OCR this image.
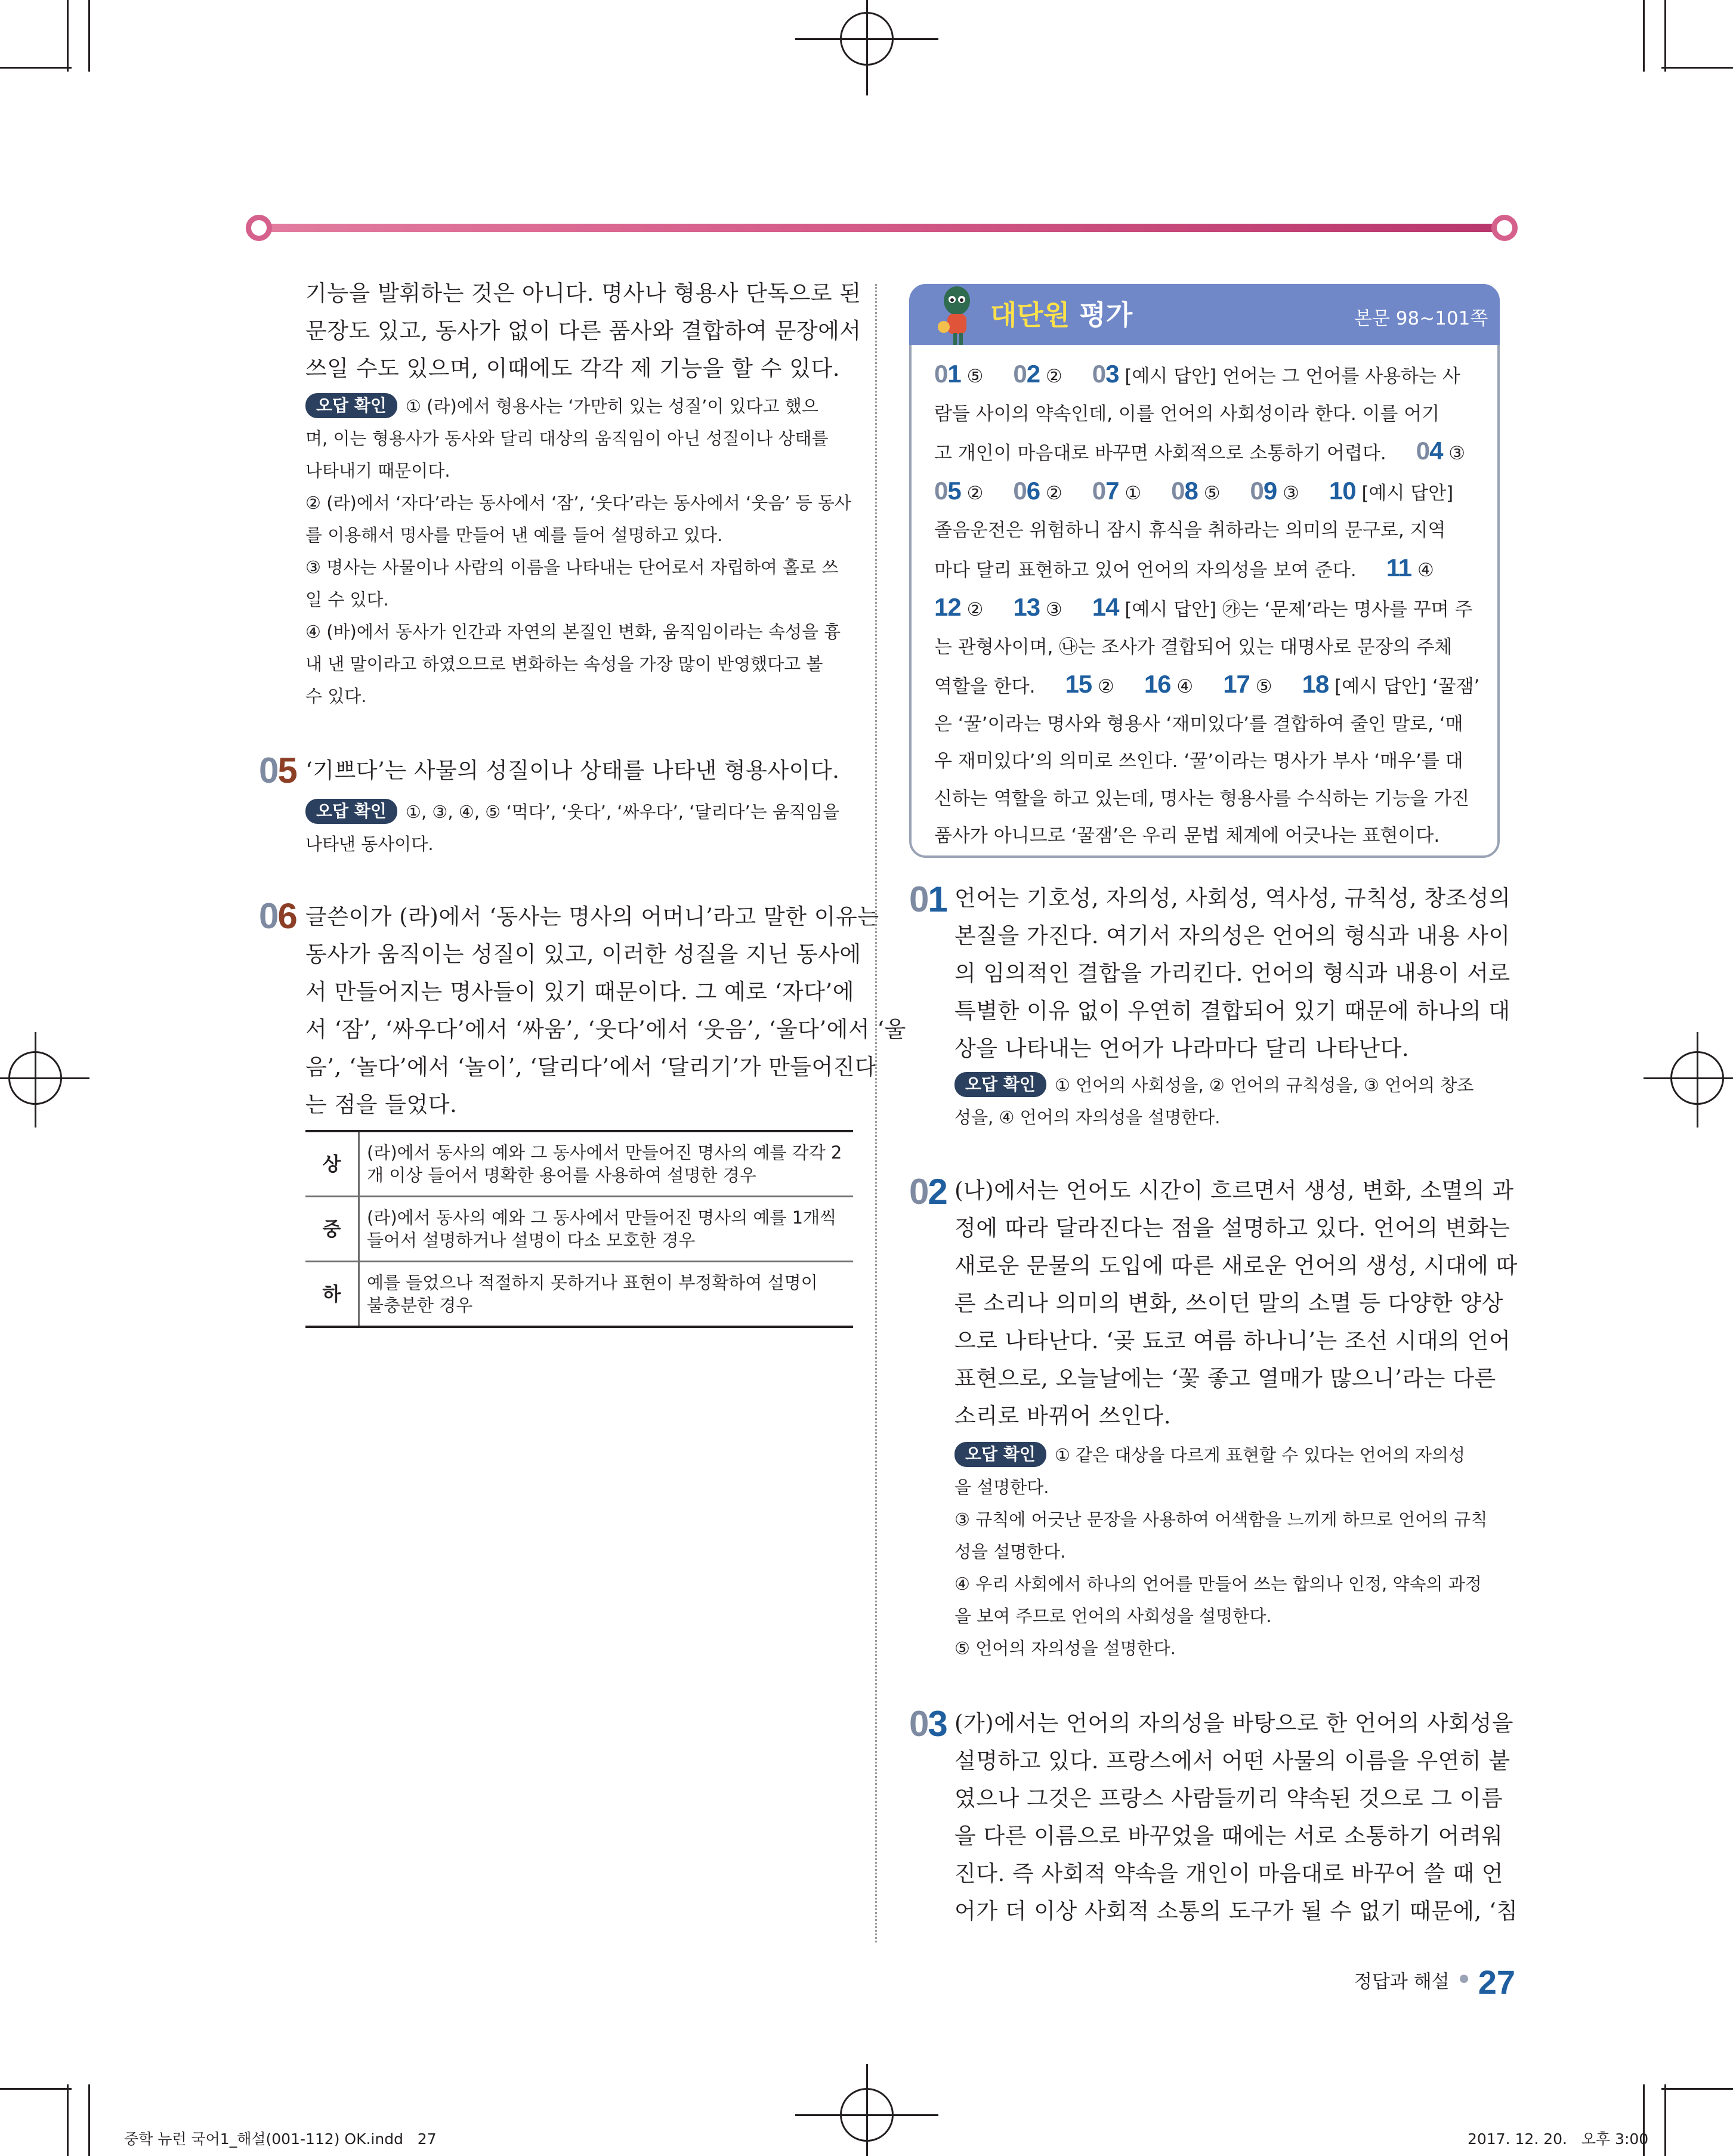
기능을 발휘하는 것은 아니다. 명사나 형용사 단독으로 된
문장도 있고, 동사가 없이 다른 품사와 결합하여 문장에서
쓰일 수도 있으며, 이때에도 각각 제 기능을 할 수 있다.
오답 확인 ① (라)에서 형용사는 ‘가만히 있는 성질’이 있다고 했으
며, 이는 형용사가 동사와 달리 대상의 움직임이 아닌 성질이나 상태를
나타내기 때문이다.
② (라)에서 ‘자다’라는 동사에서 ‘잠’, ‘웃다’라는 동사에서 ‘웃음’ 등 동사
를 이용해서 명사를 만들어 낸 예를 들어 설명하고 있다.
③ 명사는 사물이나 사람의 이름을 나타내는 단어로서 자립하여 홀로 쓰
일 수 있다.
④ (바)에서 동사가 인간과 자연의 본질인 변화, 움직임이라는 속성을 흉
내 낸 말이라고 하였으므로 변화하는 속성을 가장 많이 반영했다고 볼
수 있다.
05 ‘기쁘다’는 사물의 성질이나 상태를 나타낸 형용사이다.
오답 확인 ①, ③, ④, ⑤ ‘먹다’, ‘웃다’, ‘싸우다’, ‘달리다’는 움직임을
나타낸 동사이다.
06 글쓴이가 (라)에서 ‘동사는 명사의 어머니’라고 말한 이유는
동사가 움직이는 성질이 있고, 이러한 성질을 지닌 동사에
서 만들어지는 명사들이 있기 때문이다. 그 예로 ‘자다’에
서 ‘잠’, ‘싸우다’에서 ‘싸움’, ‘웃다’에서 ‘웃음’, ‘울다’에서 ‘울
음’, ‘놀다’에서 ‘놀이’, ‘달리다’에서 ‘달리기’가 만들어진다
는 점을 들었다.
상	(라)에서 동사의 예와 그 동사에서 만들어진 명사의 예를 각각 2
개 이상 들어서 명확한 용어를 사용하여 설명한 경우

중	(라)에서 동사의 예와 그 동사에서 만들어진 명사의 예를 1개씩
들어서 설명하거나 설명이 다소 모호한 경우

하	예를 들었으나 적절하지 못하거나 표현이 부정확하여 설명이
불충분한 경우
대단원 평가	본문 98~101쪽
01 ⑤ 02 ② 03 [예시 답안] 언어는 그 언어를 사용하는 사
람들 사이의 약속인데, 이를 언어의 사회성이라 한다. 이를 어기
고 개인이 마음대로 바꾸면 사회적으로 소통하기 어렵다. 04 ③
05 ② 06 ② 07 ① 08 ⑤ 09 ③ 10 [예시 답안]
졸음운전은 위험하니 잠시 휴식을 취하라는 의미의 문구로, 지역
마다 달리 표현하고 있어 언어의 자의성을 보여 준다. 11 ④
12 ② 13 ③ 14 [예시 답안] ㉮는 ‘문제’라는 명사를 꾸며 주
는 관형사이며, ㉯는 조사가 결합되어 있는 대명사로 문장의 주체
역할을 한다. 15 ② 16 ④ 17 ⑤ 18 [예시 답안] ‘꿀잼’
은 ‘꿀’이라는 명사와 형용사 ‘재미있다’를 결합하여 줄인 말로, ‘매
우 재미있다’의 의미로 쓰인다. ‘꿀’이라는 명사가 부사 ‘매우’를 대
신하는 역할을 하고 있는데, 명사는 형용사를 수식하는 기능을 가진
품사가 아니므로 ‘꿀잼’은 우리 문법 체계에 어긋나는 표현이다.
01 언어는 기호성, 자의성, 사회성, 역사성, 규칙성, 창조성의
본질을 가진다. 여기서 자의성은 언어의 형식과 내용 사이
의 임의적인 결합을 가리킨다. 언어의 형식과 내용이 서로
특별한 이유 없이 우연히 결합되어 있기 때문에 하나의 대
상을 나타내는 언어가 나라마다 달리 나타난다.
오답 확인 ① 언어의 사회성을, ② 언어의 규칙성을, ③ 언어의 창조
성을, ④ 언어의 자의성을 설명한다.
02 (나)에서는 언어도 시간이 흐르면서 생성, 변화, 소멸의 과
정에 따라 달라진다는 점을 설명하고 있다. 언어의 변화는
새로운 문물의 도입에 따른 새로운 언어의 생성, 시대에 따
른 소리나 의미의 변화, 쓰이던 말의 소멸 등 다양한 양상
으로 나타난다. ‘곶 됴코 여름 하나니’는 조선 시대의 언어
표현으로, 오늘날에는 ‘꽃 좋고 열매가 많으니’라는 다른
소리로 바뀌어 쓰인다.
오답 확인 ① 같은 대상을 다르게 표현할 수 있다는 언어의 자의성
을 설명한다.
③ 규칙에 어긋난 문장을 사용하여 어색함을 느끼게 하므로 언어의 규칙
성을 설명한다.
④ 우리 사회에서 하나의 언어를 만들어 쓰는 합의나 인정, 약속의 과정
을 보여 주므로 언어의 사회성을 설명한다.
⑤ 언어의 자의성을 설명한다.
03 (가)에서는 언어의 자의성을 바탕으로 한 언어의 사회성을
설명하고 있다. 프랑스에서 어떤 사물의 이름을 우연히 붙
였으나 그것은 프랑스 사람들끼리 약속된 것으로 그 이름
을 다른 이름으로 바꾸었을 때에는 서로 소통하기 어려워
진다. 즉 사회적 약속을 개인이 마음대로 바꾸어 쓸 때 언
어가 더 이상 사회적 소통의 도구가 될 수 없기 때문에, ‘침
정답과 해설 27
중학 뉴런 국어1_해설(001-112) OK.indd   27	2017. 12. 20.   오후 3:00
